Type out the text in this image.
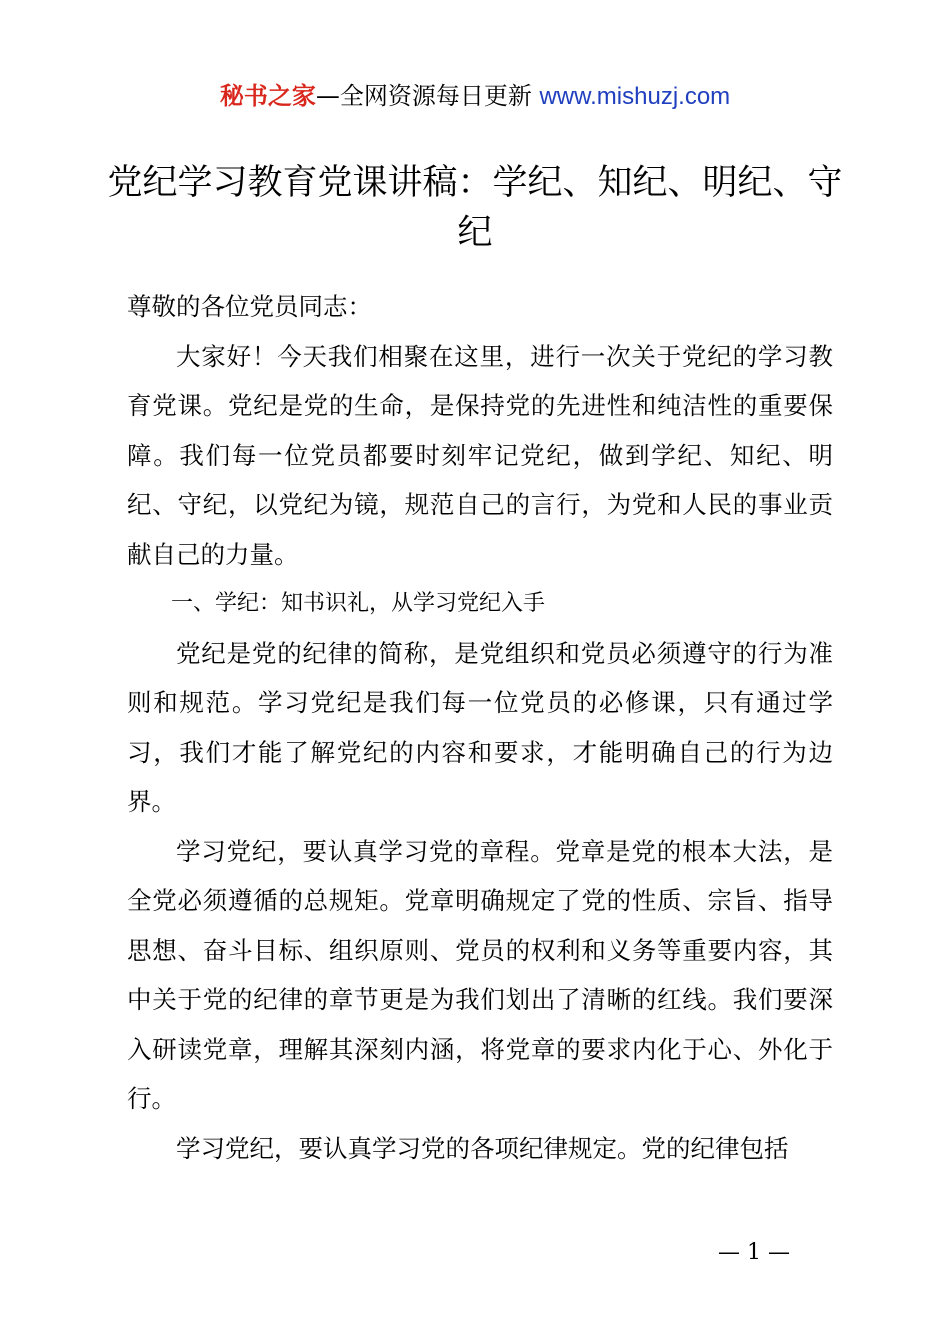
秘书之家—全网资源每日更新 www.mishuzj.com
党纪学习教育党课讲稿：学纪、知纪、明纪、守纪

尊敬的各位党员同志：

大家好！今天我们相聚在这里，进行一次关于党纪的学习教育党课。党纪是党的生命，是保持党的先进性和纯洁性的重要保障。我们每一位党员都要时刻牢记党纪，做到学纪、知纪、明纪、守纪，以党纪为镜，规范自己的言行，为党和人民的事业贡献自己的力量。

一、学纪：知书识礼，从学习党纪入手

党纪是党的纪律的简称，是党组织和党员必须遵守的行为准则和规范。学习党纪是我们每一位党员的必修课，只有通过学习，我们才能了解党纪的内容和要求，才能明确自己的行为边界。

学习党纪，要认真学习党的章程。党章是党的根本大法，是全党必须遵循的总规矩。党章明确规定了党的性质、宗旨、指导思想、奋斗目标、组织原则、党员的权利和义务等重要内容，其中关于党的纪律的章节更是为我们划出了清晰的红线。我们要深入研读党章，理解其深刻内涵，将党章的要求内化于心、外化于行。

学习党纪，要认真学习党的各项纪律规定。党的纪律包括

— 1 —
